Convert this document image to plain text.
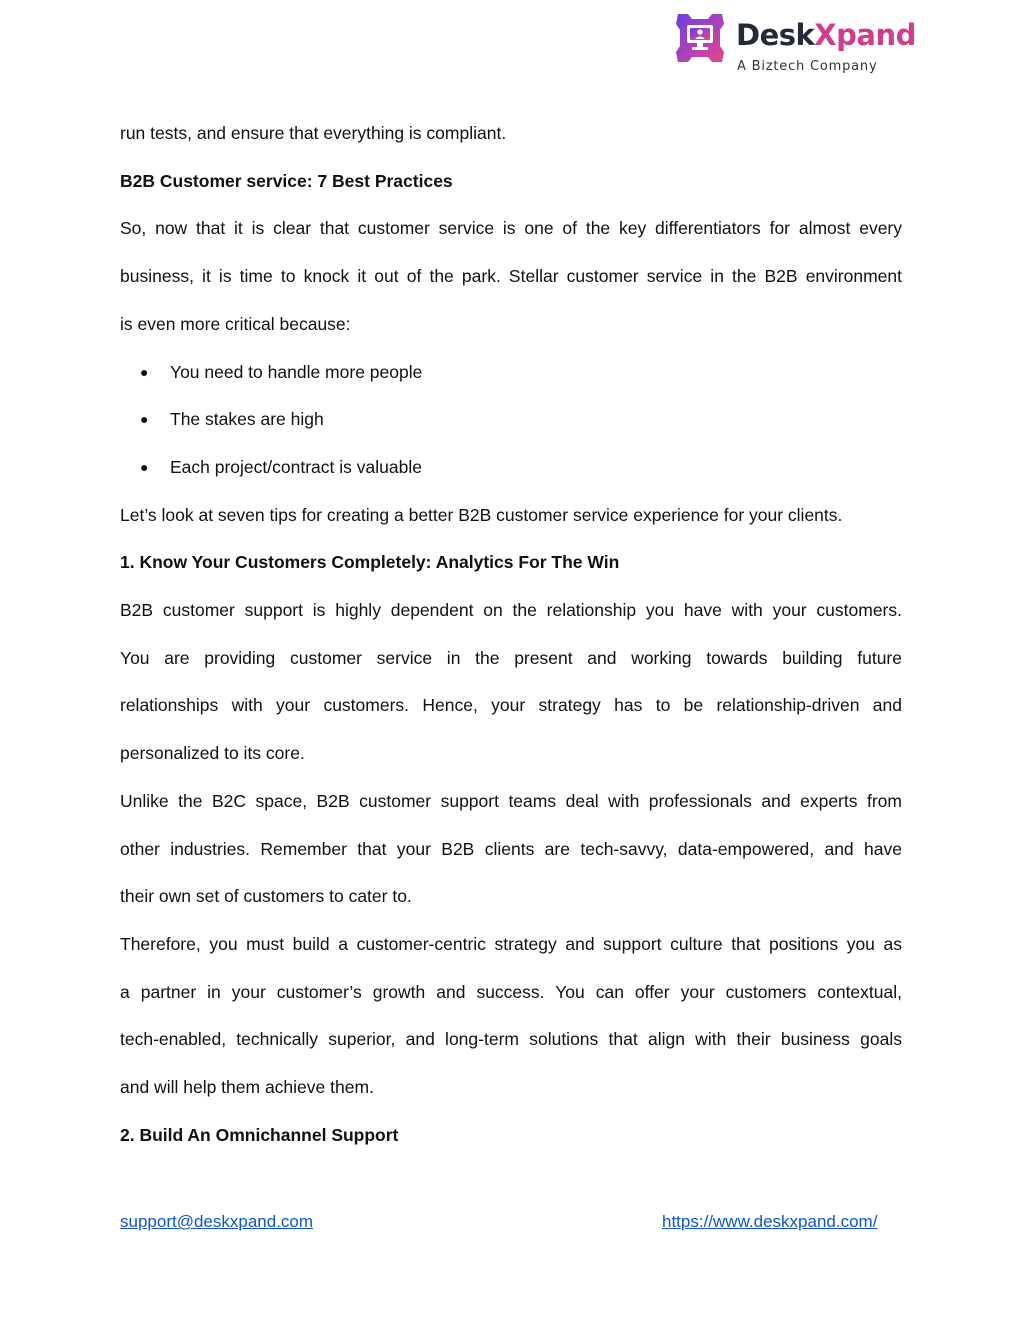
DeskXpand
A Biztech Company

run tests, and ensure that everything is compliant.

B2B Customer service: 7 Best Practices

So, now that it is clear that customer service is one of the key differentiators for almost every

business, it is time to knock it out of the park. Stellar customer service in the B2B environment

is even more critical because:

● You need to handle more people

● The stakes are high

● Each project/contract is valuable

Let’s look at seven tips for creating a better B2B customer service experience for your clients.

1. Know Your Customers Completely: Analytics For The Win

B2B customer support is highly dependent on the relationship you have with your customers.

You are providing customer service in the present and working towards building future

relationships with your customers. Hence, your strategy has to be relationship-driven and

personalized to its core.

Unlike the B2C space, B2B customer support teams deal with professionals and experts from

other industries. Remember that your B2B clients are tech-savvy, data-empowered, and have

their own set of customers to cater to.

Therefore, you must build a customer-centric strategy and support culture that positions you as

a partner in your customer’s growth and success. You can offer your customers contextual,

tech-enabled, technically superior, and long-term solutions that align with their business goals

and will help them achieve them.

2. Build An Omnichannel Support

support@deskxpand.com	https://www.deskxpand.com/
